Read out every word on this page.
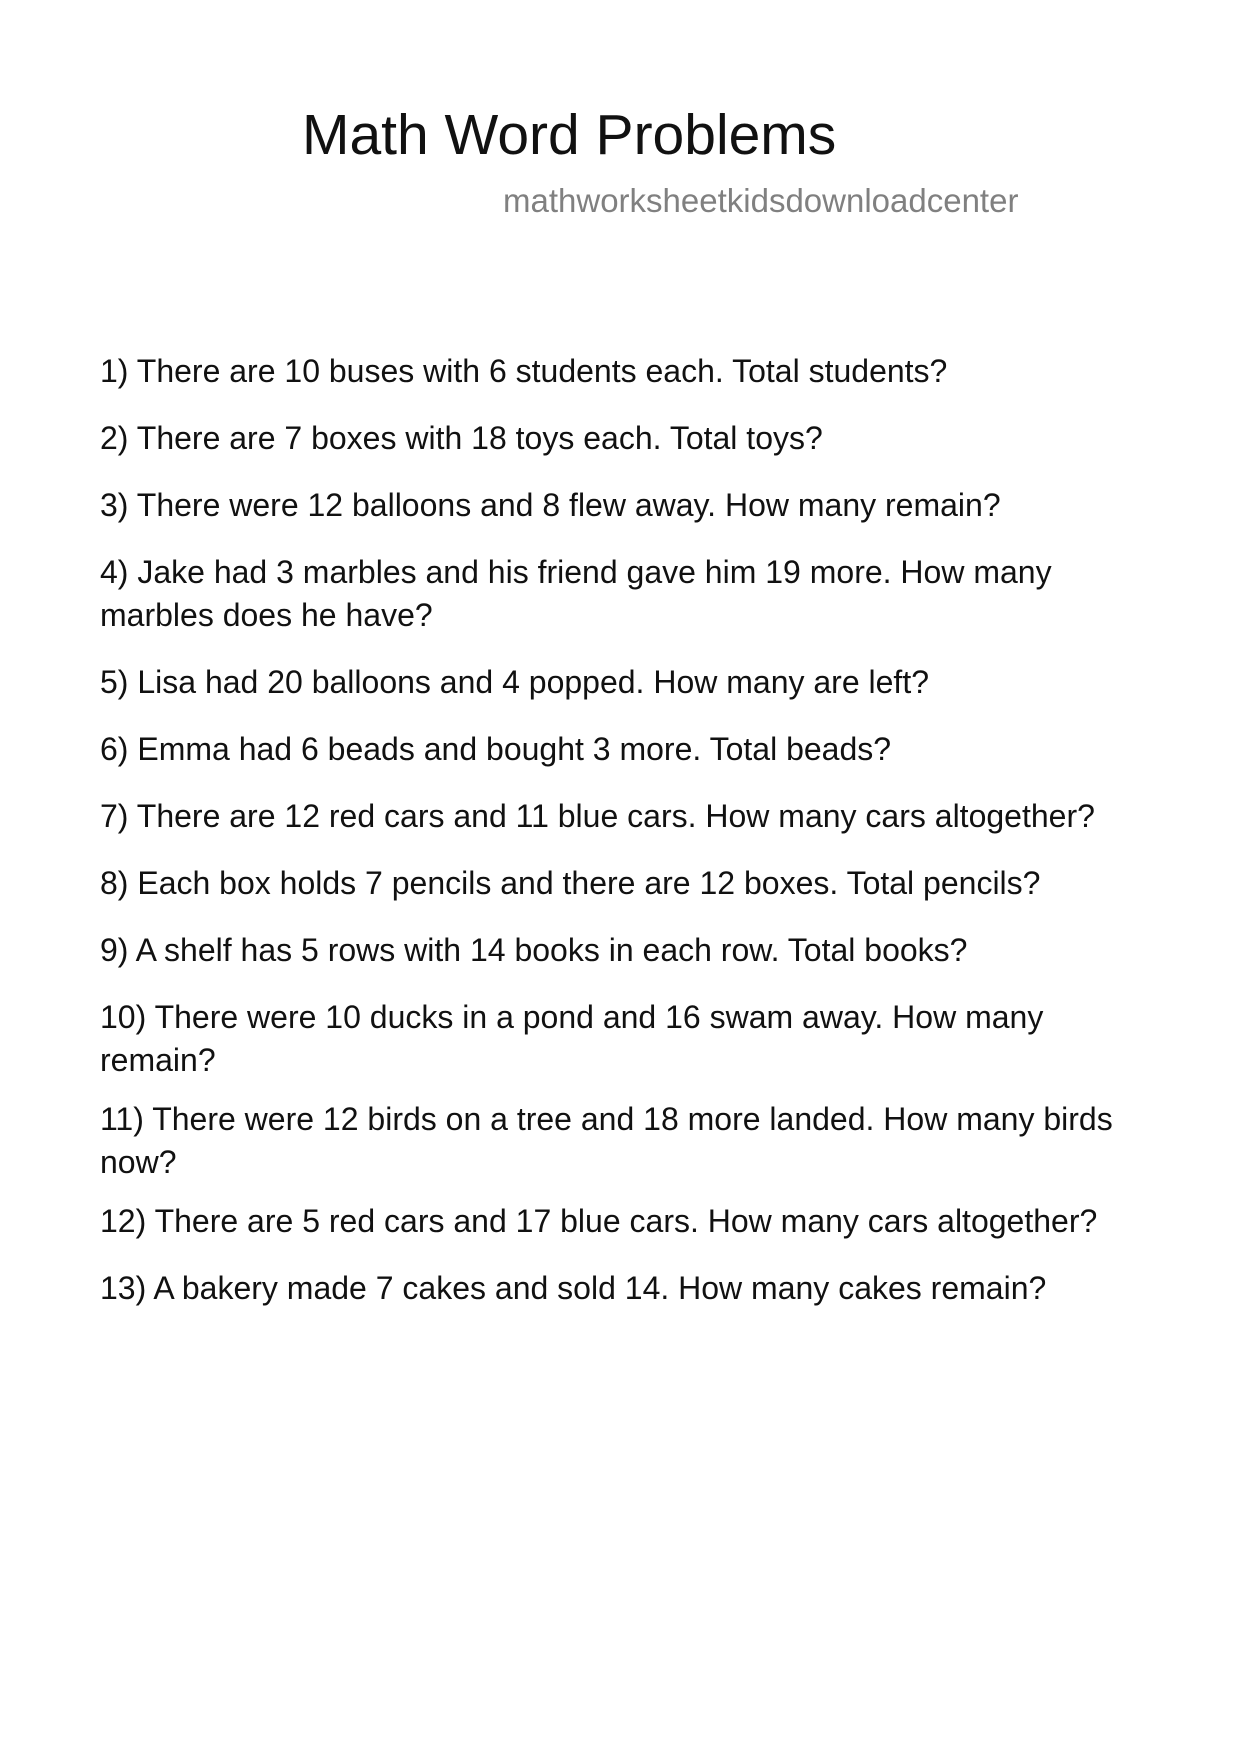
Math Word Problems
mathworksheetkidsdownloadcenter
1) There are 10 buses with 6 students each. Total students?
2) There are 7 boxes with 18 toys each. Total toys?
3) There were 12 balloons and 8 flew away. How many remain?
4) Jake had 3 marbles and his friend gave him 19 more. How many marbles does he have?
5) Lisa had 20 balloons and 4 popped. How many are left?
6) Emma had 6 beads and bought 3 more. Total beads?
7) There are 12 red cars and 11 blue cars. How many cars altogether?
8) Each box holds 7 pencils and there are 12 boxes. Total pencils?
9) A shelf has 5 rows with 14 books in each row. Total books?
10) There were 10 ducks in a pond and 16 swam away. How many remain?
11) There were 12 birds on a tree and 18 more landed. How many birds now?
12) There are 5 red cars and 17 blue cars. How many cars altogether?
13) A bakery made 7 cakes and sold 14. How many cakes remain?
